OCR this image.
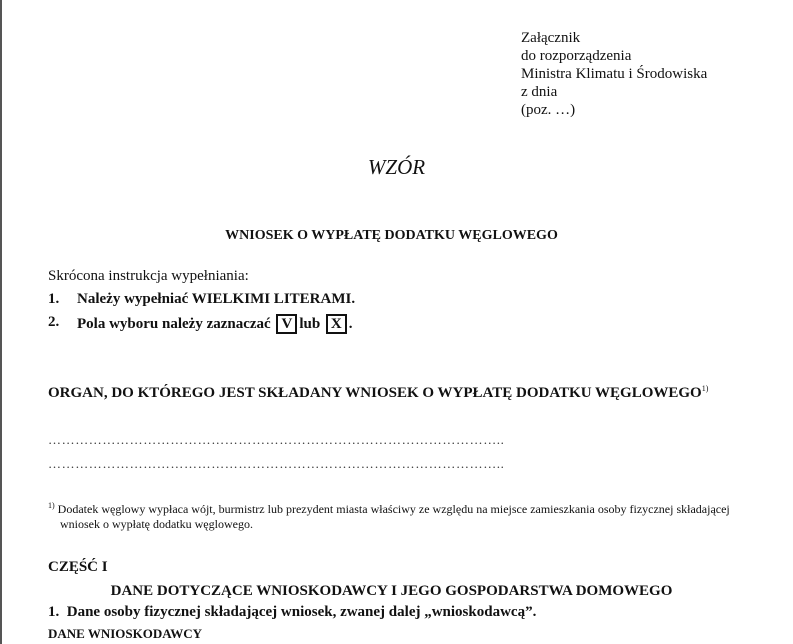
Załącznik
do rozporządzenia
Ministra Klimatu i Środowiska
z dnia
(poz. …)
WZÓR
WNIOSEK O WYPŁATĘ DODATKU WĘGLOWEGO
Skrócona instrukcja wypełniania:
1. Należy wypełniać WIELKIMI LITERAMI.
2. Pola wyboru należy zaznaczać V lub X .
ORGAN, DO KTÓREGO JEST SKŁADANY WNIOSEK O WYPŁATĘ DODATKU WĘGLOWEGO$^{1)}$
………………………………………………………………………………………..
………………………………………………………………………………………..
$^{1)}$ Dodatek węglowy wypłaca wójt, burmistrz lub prezydent miasta właściwy ze względu na miejsce zamieszkania osoby fizycznej składającej
wniosek o wypłatę dodatku węglowego.
CZĘŚĆ I
DANE DOTYCZĄCE WNIOSKODAWCY I JEGO GOSPODARSTWA DOMOWEGO
1.  Dane osoby fizycznej składającej wniosek, zwanej dalej „wnioskodawcą”.
DANE WNIOSKODAWCY
